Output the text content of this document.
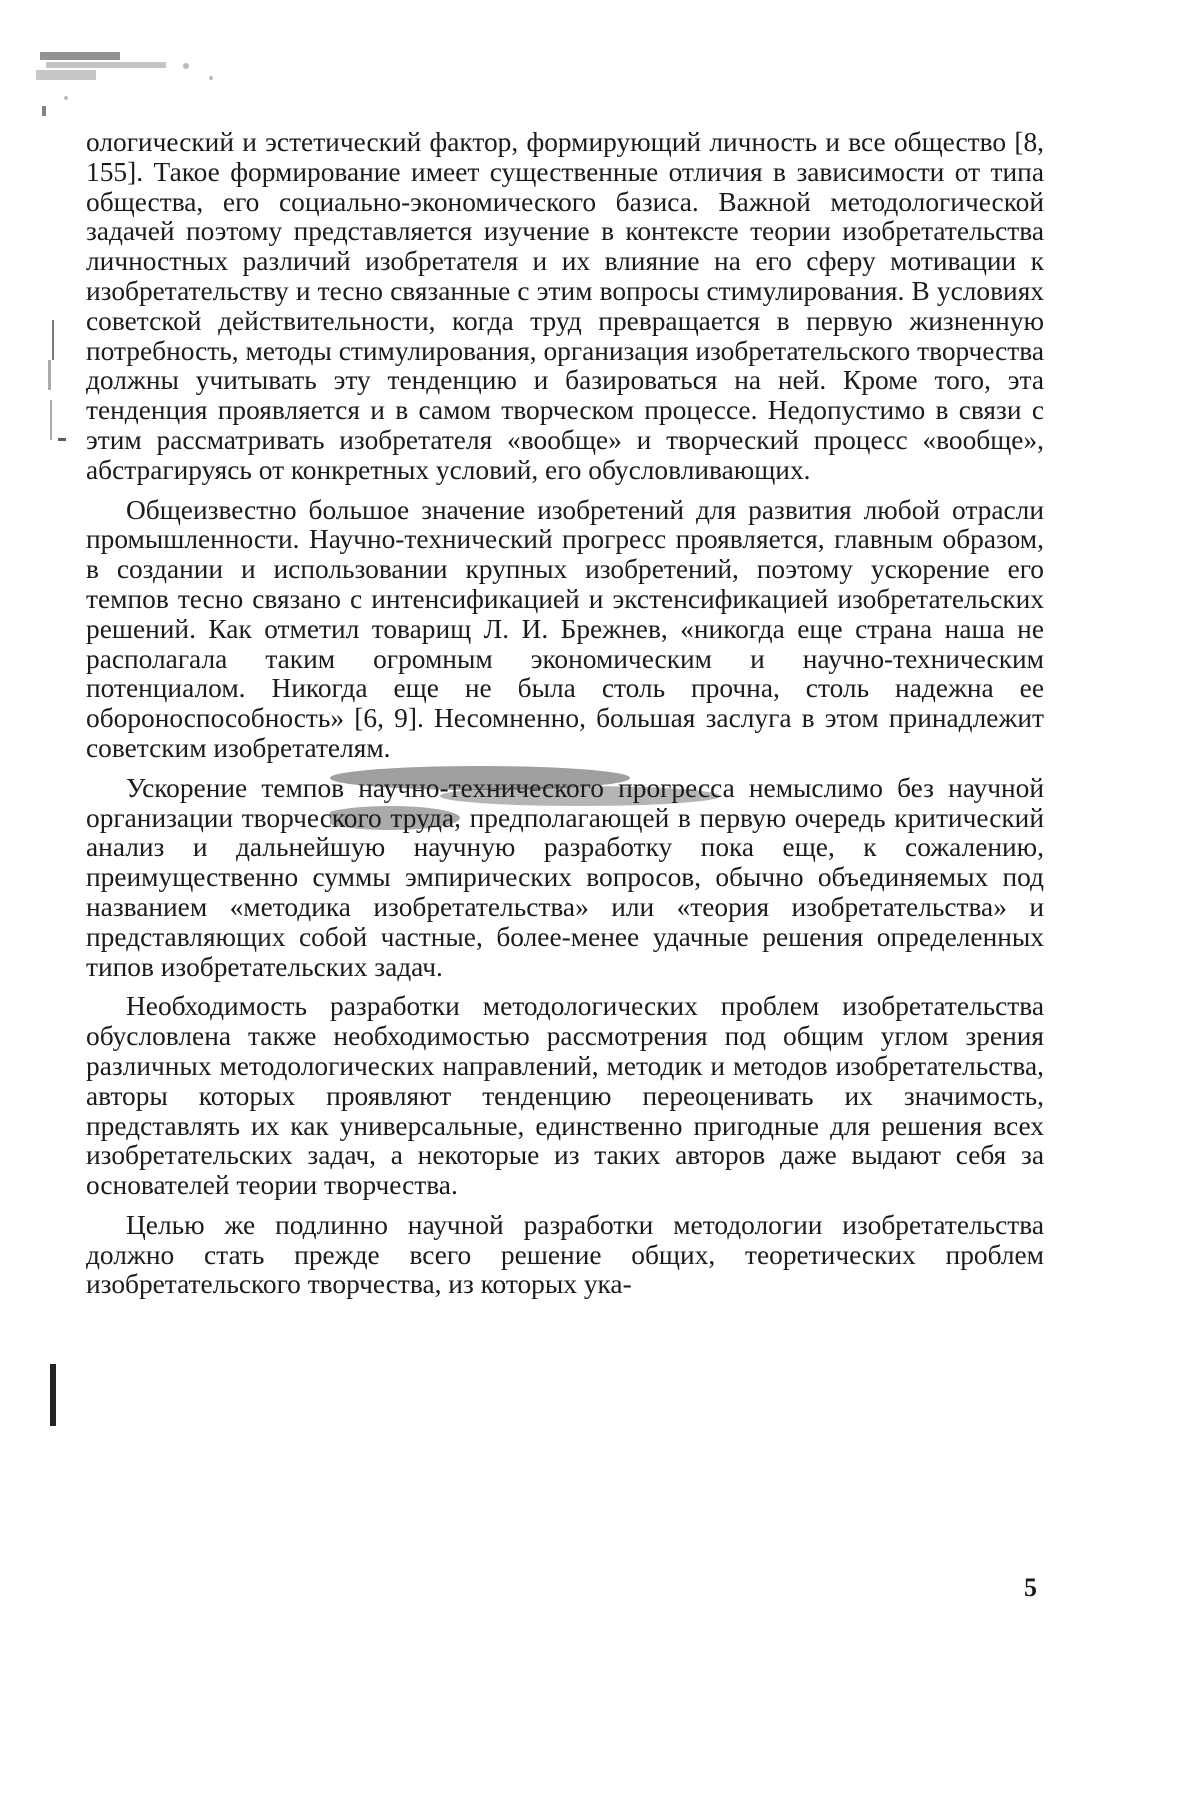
ологический и эстетический фактор, формирующий личность и все общество [8, 155]. Такое формирование имеет существенные отличия в зависимости от типа общества, его социально-экономического базиса. Важной методологической задачей поэтому представляется изучение в контексте теории изобретательства личностных различий изобретателя и их влияние на его сферу мотивации к изобретательству и тесно связанные с этим вопросы стимулирования. В условиях советской действительности, когда труд превращается в первую жизненную потребность, методы стимулирования, организация изобретательского творчества должны учитывать эту тенденцию и базироваться на ней. Кроме того, эта тенденция проявляется и в самом творческом процессе. Недопустимо в связи с этим рассматривать изобретателя «вообще» и творческий процесс «вообще», абстрагируясь от конкретных условий, его обусловливающих.

Общеизвестно большое значение изобретений для развития любой отрасли промышленности. Научно-технический прогресс проявляется, главным образом, в создании и использовании крупных изобретений, поэтому ускорение его темпов тесно связано с интенсификацией и экстенсификацией изобретательских решений. Как отметил товарищ Л. И. Брежнев, «никогда еще страна наша не располагала таким огромным экономическим и научно-техническим потенциалом. Никогда еще не была столь прочна, столь надежна ее обороноспособность» [6, 9]. Несомненно, большая заслуга в этом принадлежит советским изобретателям.

Ускорение темпов научно-технического прогресса немыслимо без научной организации творческого труда, предполагающей в первую очередь критический анализ и дальнейшую научную разработку пока еще, к сожалению, преимущественно суммы эмпирических вопросов, обычно объединяемых под названием «методика изобретательства» или «теория изобретательства» и представляющих собой частные, более-менее удачные решения определенных типов изобретательских задач.

Необходимость разработки методологических проблем изобретательства обусловлена также необходимостью рассмотрения под общим углом зрения различных методологических направлений, методик и методов изобретательства, авторы которых проявляют тенденцию переоценивать их значимость, представлять их как универсальные, единственно пригодные для решения всех изобретательских задач, а некоторые из таких авторов даже выдают себя за основателей теории творчества.

Целью же подлинно научной разработки методологии изобретательства должно стать прежде всего решение общих, теоретических проблем изобретательского творчества, из которых ука-

5
